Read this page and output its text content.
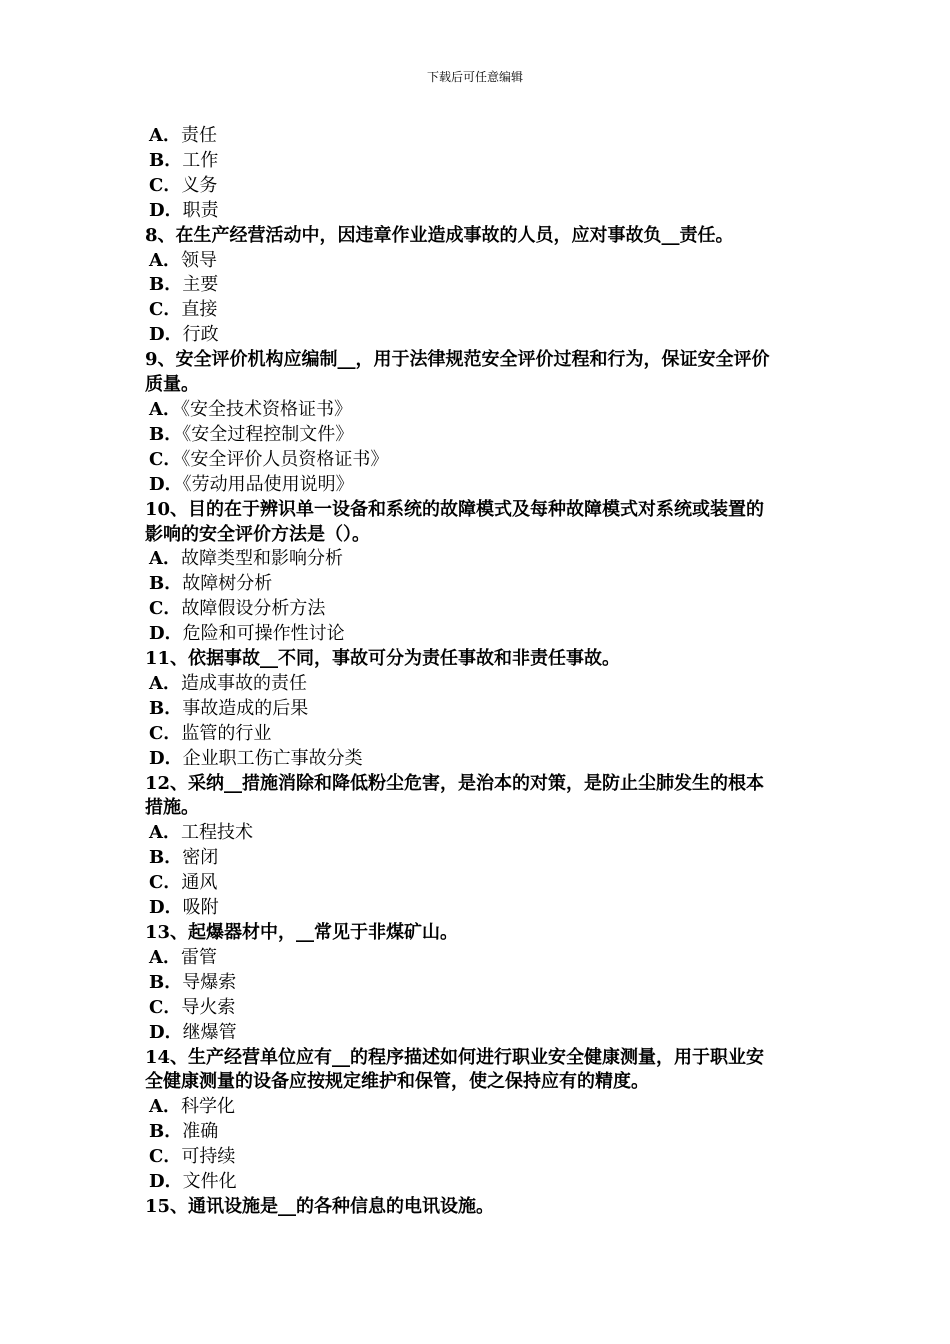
下载后可任意编辑
A．责任
B．工作
C．义务
D．职责
8、在生产经营活动中，因违章作业造成事故的人员，应对事故负__责任。
A．领导
B．主要
C．直接
D．行政
9、安全评价机构应编制__，用于法律规范安全评价过程和行为，保证安全评价
质量。
A．《安全技术资格证书》
B．《安全过程控制文件》
C．《安全评价人员资格证书》
D．《劳动用品使用说明》
10、目的在于辨识单一设备和系统的故障模式及每种故障模式对系统或装置的
影响的安全评价方法是（）。
A．故障类型和影响分析
B．故障树分析
C．故障假设分析方法
D．危险和可操作性讨论
11、依据事故__不同，事故可分为责任事故和非责任事故。
A．造成事故的责任
B．事故造成的后果
C．监管的行业
D．企业职工伤亡事故分类
12、采纳__措施消除和降低粉尘危害，是治本的对策，是防止尘肺发生的根本
措施。
A．工程技术
B．密闭
C．通风
D．吸附
13、起爆器材中，__常见于非煤矿山。
A．雷管
B．导爆索
C．导火索
D．继爆管
14、生产经营单位应有__的程序描述如何进行职业安全健康测量，用于职业安
全健康测量的设备应按规定维护和保管，使之保持应有的精度。
A．科学化
B．准确
C．可持续
D．文件化
15、通讯设施是__的各种信息的电讯设施。
